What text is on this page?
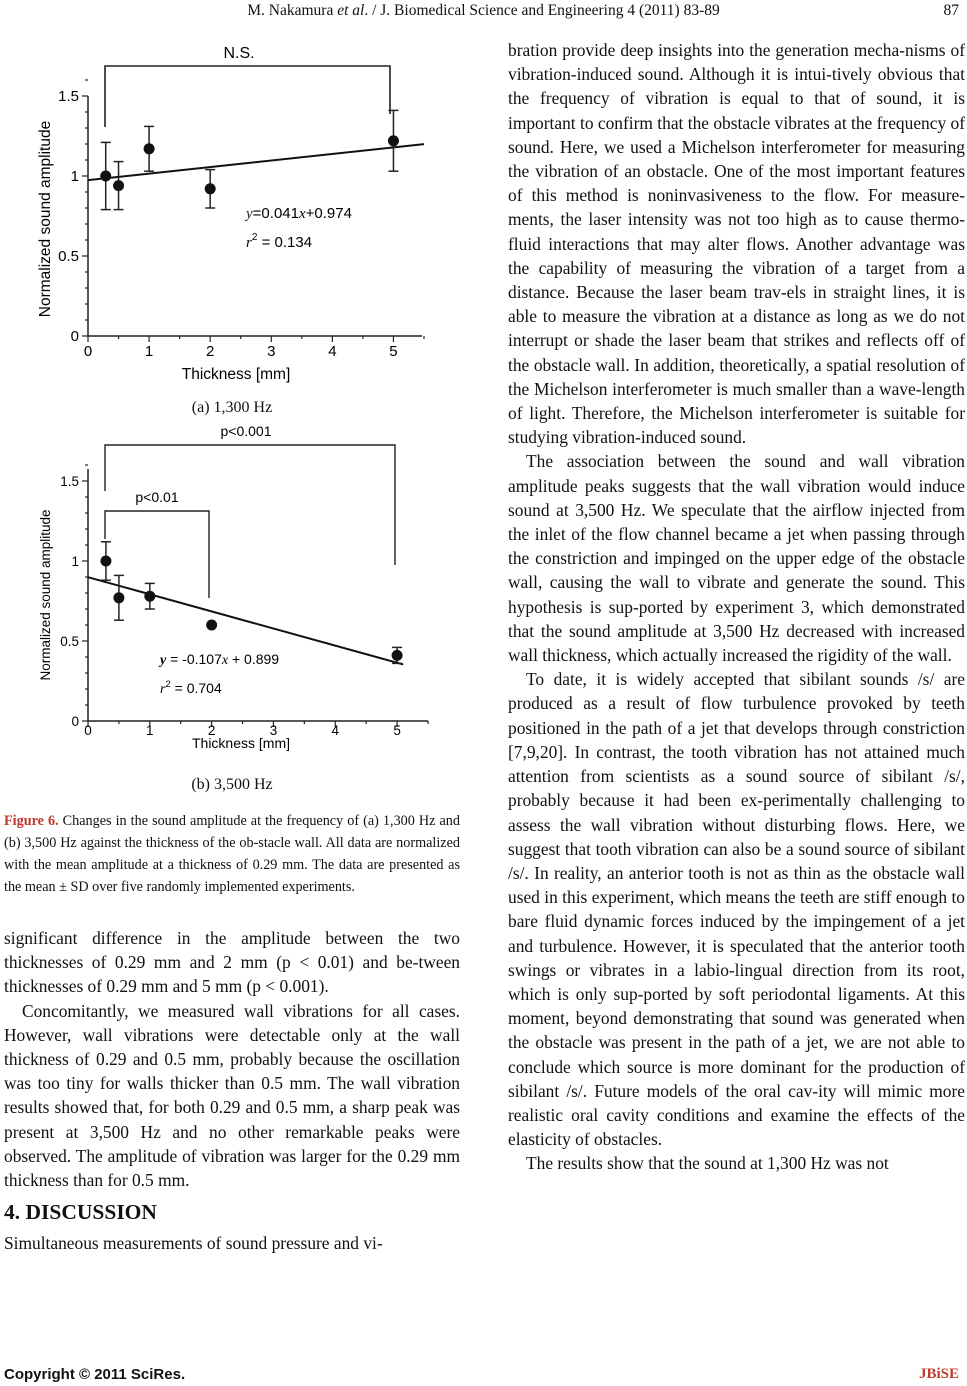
M. Nakamura et al. / J. Biomedical Science and Engineering 4 (2011) 83-89	87
N.S.
0	1	2	3	4	5
0
0.5
1
1.5
Normalized sound amplitude
Thickness [mm]
y=0.041x+0.974
$r^2 = 0.134$
(a) 1,300 Hz
p<0.001
p<0.01
0	1	2	3	4	5
0
0.5
1
1.5
Normalized sound amplitude
Thickness [mm]
y = -0.107x + 0.899
$r^2 = 0.704$
(b) 3,500 Hz

Figure 6. Changes in the sound amplitude at the frequency of (a) 1,300 Hz and (b) 3,500 Hz against the thickness of the ob-stacle wall. All data are normalized with the mean amplitude at a thickness of 0.29 mm. The data are presented as the mean ± SD over five randomly implemented experiments.

significant difference in the amplitude between the two thicknesses of 0.29 mm and 2 mm (p < 0.01) and be-tween thicknesses of 0.29 mm and 5 mm (p < 0.001).

Concomitantly, we measured wall vibrations for all cases. However, wall vibrations were detectable only at the wall thickness of 0.29 and 0.5 mm, probably because the oscillation was too tiny for walls thicker than 0.5 mm. The wall vibration results showed that, for both 0.29 and 0.5 mm, a sharp peak was present at 3,500 Hz and no other remarkable peaks were observed. The amplitude of vibration was larger for the 0.29 mm thickness than for 0.5 mm.

4. DISCUSSION

Simultaneous measurements of sound pressure and vi-

bration provide deep insights into the generation mecha-nisms of vibration-induced sound. Although it is intui-tively obvious that the frequency of vibration is equal to that of sound, it is important to confirm that the obstacle vibrates at the frequency of sound. Here, we used a Michelson interferometer for measuring the vibration of an obstacle. One of the most important features of this method is noninvasiveness to the flow. For measure-ments, the laser intensity was not too high as to cause thermo-fluid interactions that may alter flows. Another advantage was the capability of measuring the vibration of a target from a distance. Because the laser beam trav-els in straight lines, it is able to measure the vibration at a distance as long as we do not interrupt or shade the laser beam that strikes and reflects off of the obstacle wall. In addition, theoretically, a spatial resolution of the Michelson interferometer is much smaller than a wave-length of light. Therefore, the Michelson interferometer is suitable for studying vibration-induced sound.

The association between the sound and wall vibration amplitude peaks suggests that the wall vibration would induce sound at 3,500 Hz. We speculate that the airflow injected from the inlet of the flow channel became a jet when passing through the constriction and impinged on the upper edge of the obstacle wall, causing the wall to vibrate and generate the sound. This hypothesis is sup-ported by experiment 3, which demonstrated that the sound amplitude at 3,500 Hz decreased with increased wall thickness, which actually increased the rigidity of the wall.

To date, it is widely accepted that sibilant sounds /s/ are produced as a result of flow turbulence provoked by teeth positioned in the path of a jet that develops through constriction [7,9,20]. In contrast, the tooth vibration has not attained much attention from scientists as a sound source of sibilant /s/, probably because it had been ex-perimentally challenging to assess the wall vibration without disturbing flows. Here, we suggest that tooth vibration can also be a sound source of sibilant /s/. In reality, an anterior tooth is not as thin as the obstacle wall used in this experiment, which means the teeth are stiff enough to bare fluid dynamic forces induced by the impingement of a jet and turbulence. However, it is speculated that the anterior tooth swings or vibrates in a labio-lingual direction from its root, which is only sup-ported by soft periodontal ligaments. At this moment, beyond demonstrating that sound was generated when the obstacle was present in the path of a jet, we are not able to conclude which source is more dominant for the production of sibilant /s/. Future models of the oral cav-ity will mimic more realistic oral cavity conditions and examine the effects of the elasticity of obstacles.

The results show that the sound at 1,300 Hz was not

Copyright © 2011 SciRes.	JBiSE
